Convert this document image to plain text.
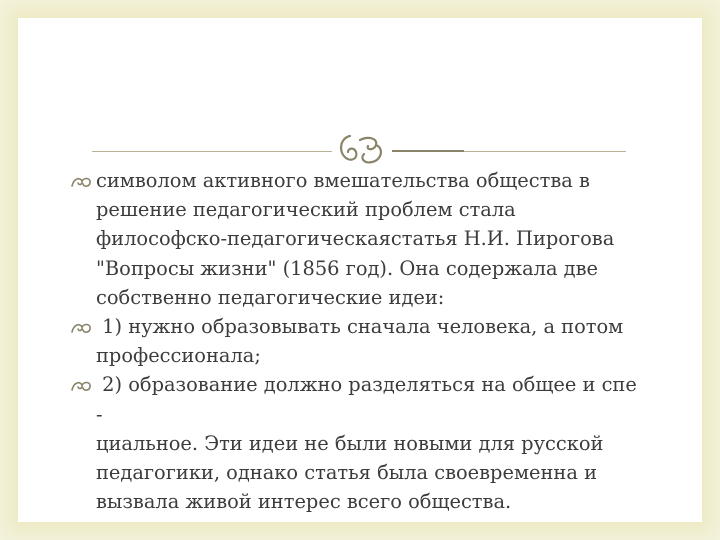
символом активного вмешательства общества в
решение педагогический проблем стала
философско-педагогическаястатья Н.И. Пирогова
"Вопросы жизни" (1856 год). Она содержала две
собственно педагогические идеи:

1) нужно образовывать сначала человека, а потом
профессионала;

2) образование должно разделяться на общее и спе
-
циальное. Эти идеи не были новыми для русской
педагогики, однако статья была своевременна и
вызвала живой интерес всего общества.
